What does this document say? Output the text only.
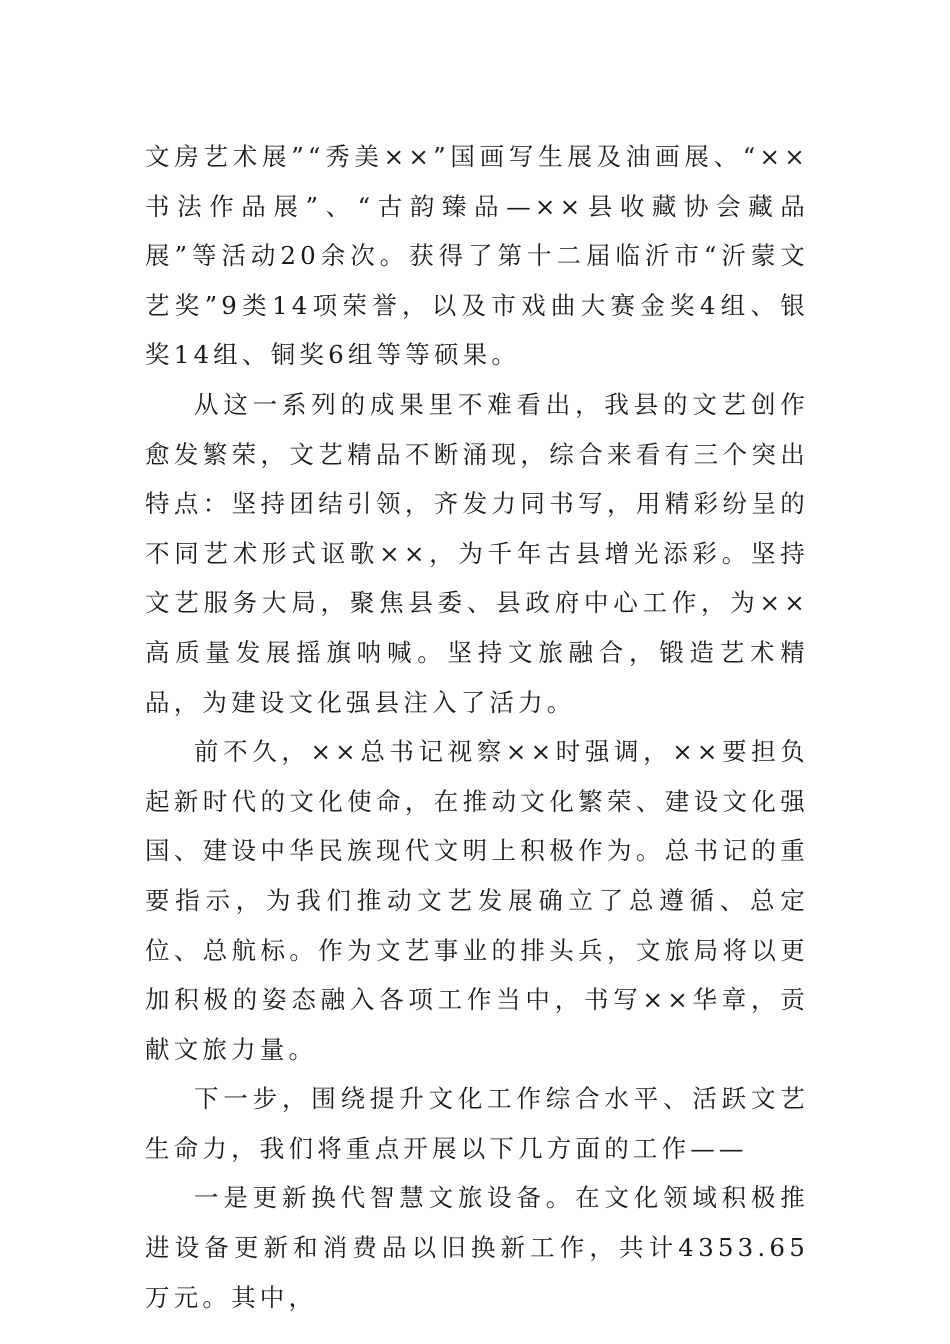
文房艺术展”“秀美××”国画写生展及油画展、“××书法作品展”、“古韵臻品—××县收藏协会藏品展”等活动20余次。获得了第十二届临沂市“沂蒙文艺奖”9类14项荣誉，以及市戏曲大赛金奖4组、银奖14组、铜奖6组等等硕果。

从这一系列的成果里不难看出，我县的文艺创作愈发繁荣，文艺精品不断涌现，综合来看有三个突出特点：坚持团结引领，齐发力同书写，用精彩纷呈的不同艺术形式讴歌××，为千年古县增光添彩。坚持文艺服务大局，聚焦县委、县政府中心工作，为××高质量发展摇旗呐喊。坚持文旅融合，锻造艺术精品，为建设文化强县注入了活力。

前不久，××总书记视察××时强调，××要担负起新时代的文化使命，在推动文化繁荣、建设文化强国、建设中华民族现代文明上积极作为。总书记的重要指示，为我们推动文艺发展确立了总遵循、总定位、总航标。作为文艺事业的排头兵，文旅局将以更加积极的姿态融入各项工作当中，书写××华章，贡献文旅力量。

下一步，围绕提升文化工作综合水平、活跃文艺生命力，我们将重点开展以下几方面的工作——

一是更新换代智慧文旅设备。在文化领域积极推进设备更新和消费品以旧换新工作，共计4353.65万元。其中，
